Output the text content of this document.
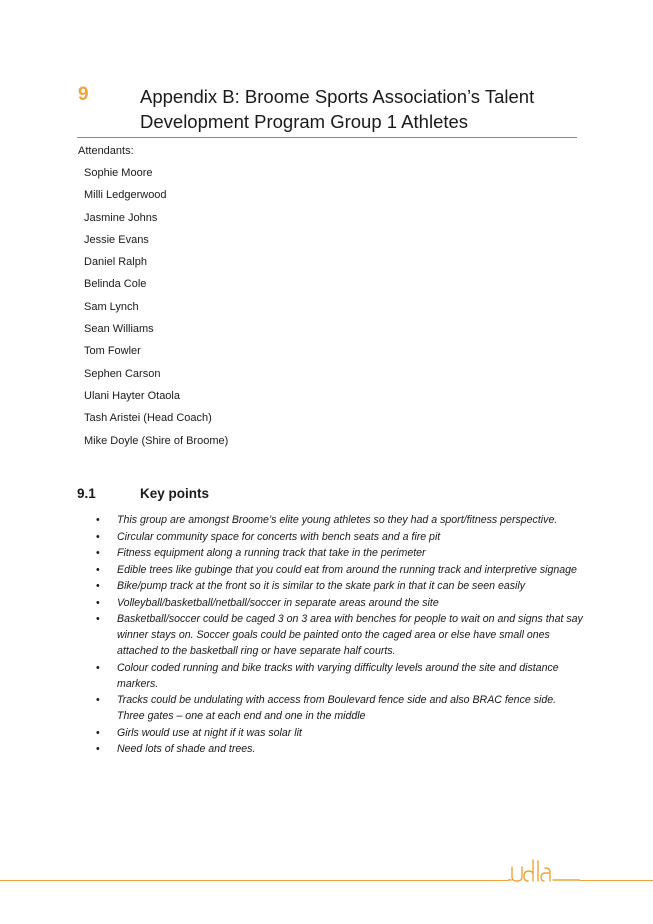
9	Appendix B: Broome Sports Association’s Talent Development Program Group 1 Athletes
Attendants:
Sophie Moore
Milli Ledgerwood
Jasmine Johns
Jessie Evans
Daniel Ralph
Belinda Cole
Sam Lynch
Sean Williams
Tom Fowler
Sephen Carson
Ulani Hayter Otaola
Tash Aristei (Head Coach)
Mike Doyle (Shire of Broome)
9.1	Key points
• This group are amongst Broome’s elite young athletes so they had a sport/fitness perspective.
• Circular community space for concerts with bench seats and a fire pit
• Fitness equipment along a running track that take in the perimeter
• Edible trees like gubinge that you could eat from around the running track and interpretive signage
• Bike/pump track at the front so it is similar to the skate park in that it can be seen easily
• Volleyball/basketball/netball/soccer in separate areas around the site
• Basketball/soccer could be caged 3 on 3 area with benches for people to wait on and signs that say winner stays on. Soccer goals could be painted onto the caged area or else have small ones attached to the basketball ring or have separate half courts.
• Colour coded running and bike tracks with varying difficulty levels around the site and distance markers.
• Tracks could be undulating with access from Boulevard fence side and also BRAC fence side. Three gates – one at each end and one in the middle
• Girls would use at night if it was solar lit
• Need lots of shade and trees.
